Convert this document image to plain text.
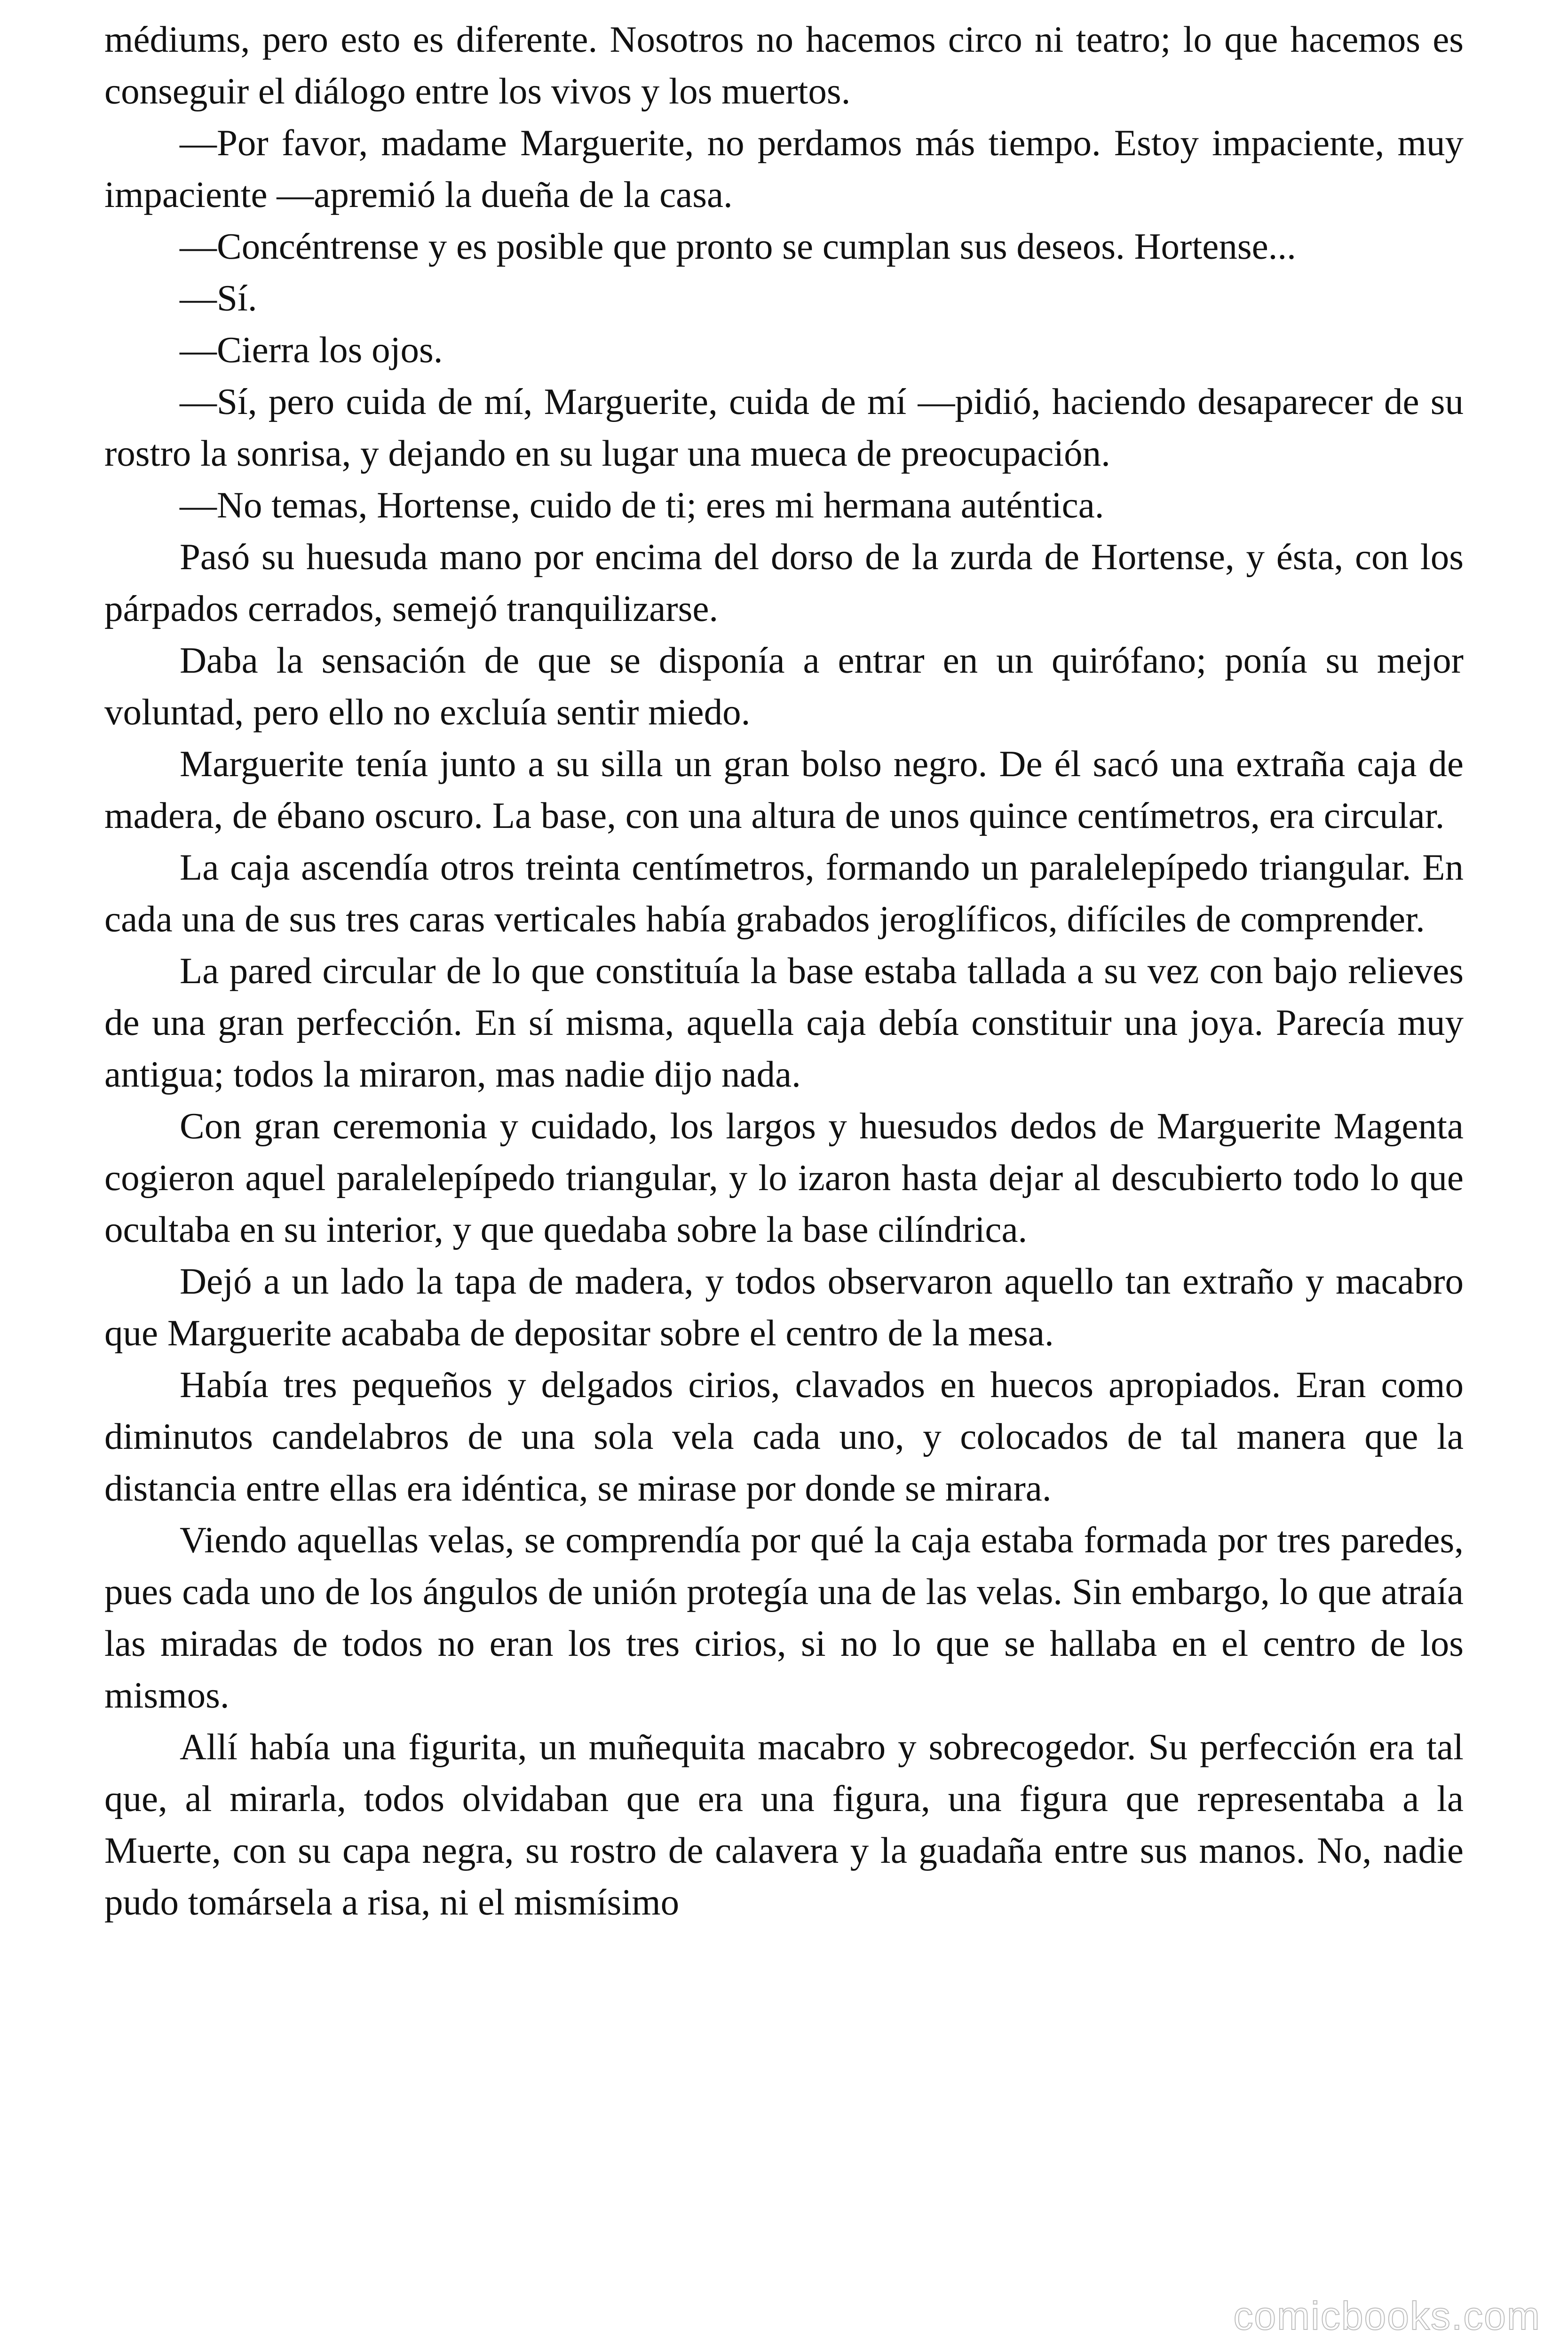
médiums, pero esto es diferente. Nosotros no hacemos circo ni teatro; lo que hacemos es conseguir el diálogo entre los vivos y los muertos.

—Por favor, madame Marguerite, no perdamos más tiempo. Estoy impaciente, muy impaciente —apremió la dueña de la casa.

—Concéntrense y es posible que pronto se cumplan sus deseos. Hortense...

—Sí.

—Cierra los ojos.

—Sí, pero cuida de mí, Marguerite, cuida de mí —pidió, haciendo desaparecer de su rostro la sonrisa, y dejando en su lugar una mueca de preocupación.

—No temas, Hortense, cuido de ti; eres mi hermana auténtica.

Pasó su huesuda mano por encima del dorso de la zurda de Hortense, y ésta, con los párpados cerrados, semejó tranquilizarse.

Daba la sensación de que se disponía a entrar en un quirófano; ponía su mejor voluntad, pero ello no excluía sentir miedo.

Marguerite tenía junto a su silla un gran bolso negro. De él sacó una extraña caja de madera, de ébano oscuro. La base, con una altura de unos quince centímetros, era circular.

La caja ascendía otros treinta centímetros, formando un paralelepípedo triangular. En cada una de sus tres caras verticales había grabados jeroglíficos, difíciles de comprender.

La pared circular de lo que constituía la base estaba tallada a su vez con bajo relieves de una gran perfección. En sí misma, aquella caja debía constituir una joya. Parecía muy antigua; todos la miraron, mas nadie dijo nada.

Con gran ceremonia y cuidado, los largos y huesudos dedos de Marguerite Magenta cogieron aquel paralelepípedo triangular, y lo izaron hasta dejar al descubierto todo lo que ocultaba en su interior, y que quedaba sobre la base cilíndrica.

Dejó a un lado la tapa de madera, y todos observaron aquello tan extraño y macabro que Marguerite acababa de depositar sobre el centro de la mesa.

Había tres pequeños y delgados cirios, clavados en huecos apropiados. Eran como diminutos candelabros de una sola vela cada uno, y colocados de tal manera que la distancia entre ellas era idéntica, se mirase por donde se mirara.

Viendo aquellas velas, se comprendía por qué la caja estaba formada por tres paredes, pues cada uno de los ángulos de unión protegía una de las velas. Sin embargo, lo que atraía las miradas de todos no eran los tres cirios, si no lo que se hallaba en el centro de los mismos.

Allí había una figurita, un muñequita macabro y sobrecogedor. Su perfección era tal que, al mirarla, todos olvidaban que era una figura, una figura que representaba a la Muerte, con su capa negra, su rostro de calavera y la guadaña entre sus manos. No, nadie pudo tomársela a risa, ni el mismísimo

comicbooks.com
